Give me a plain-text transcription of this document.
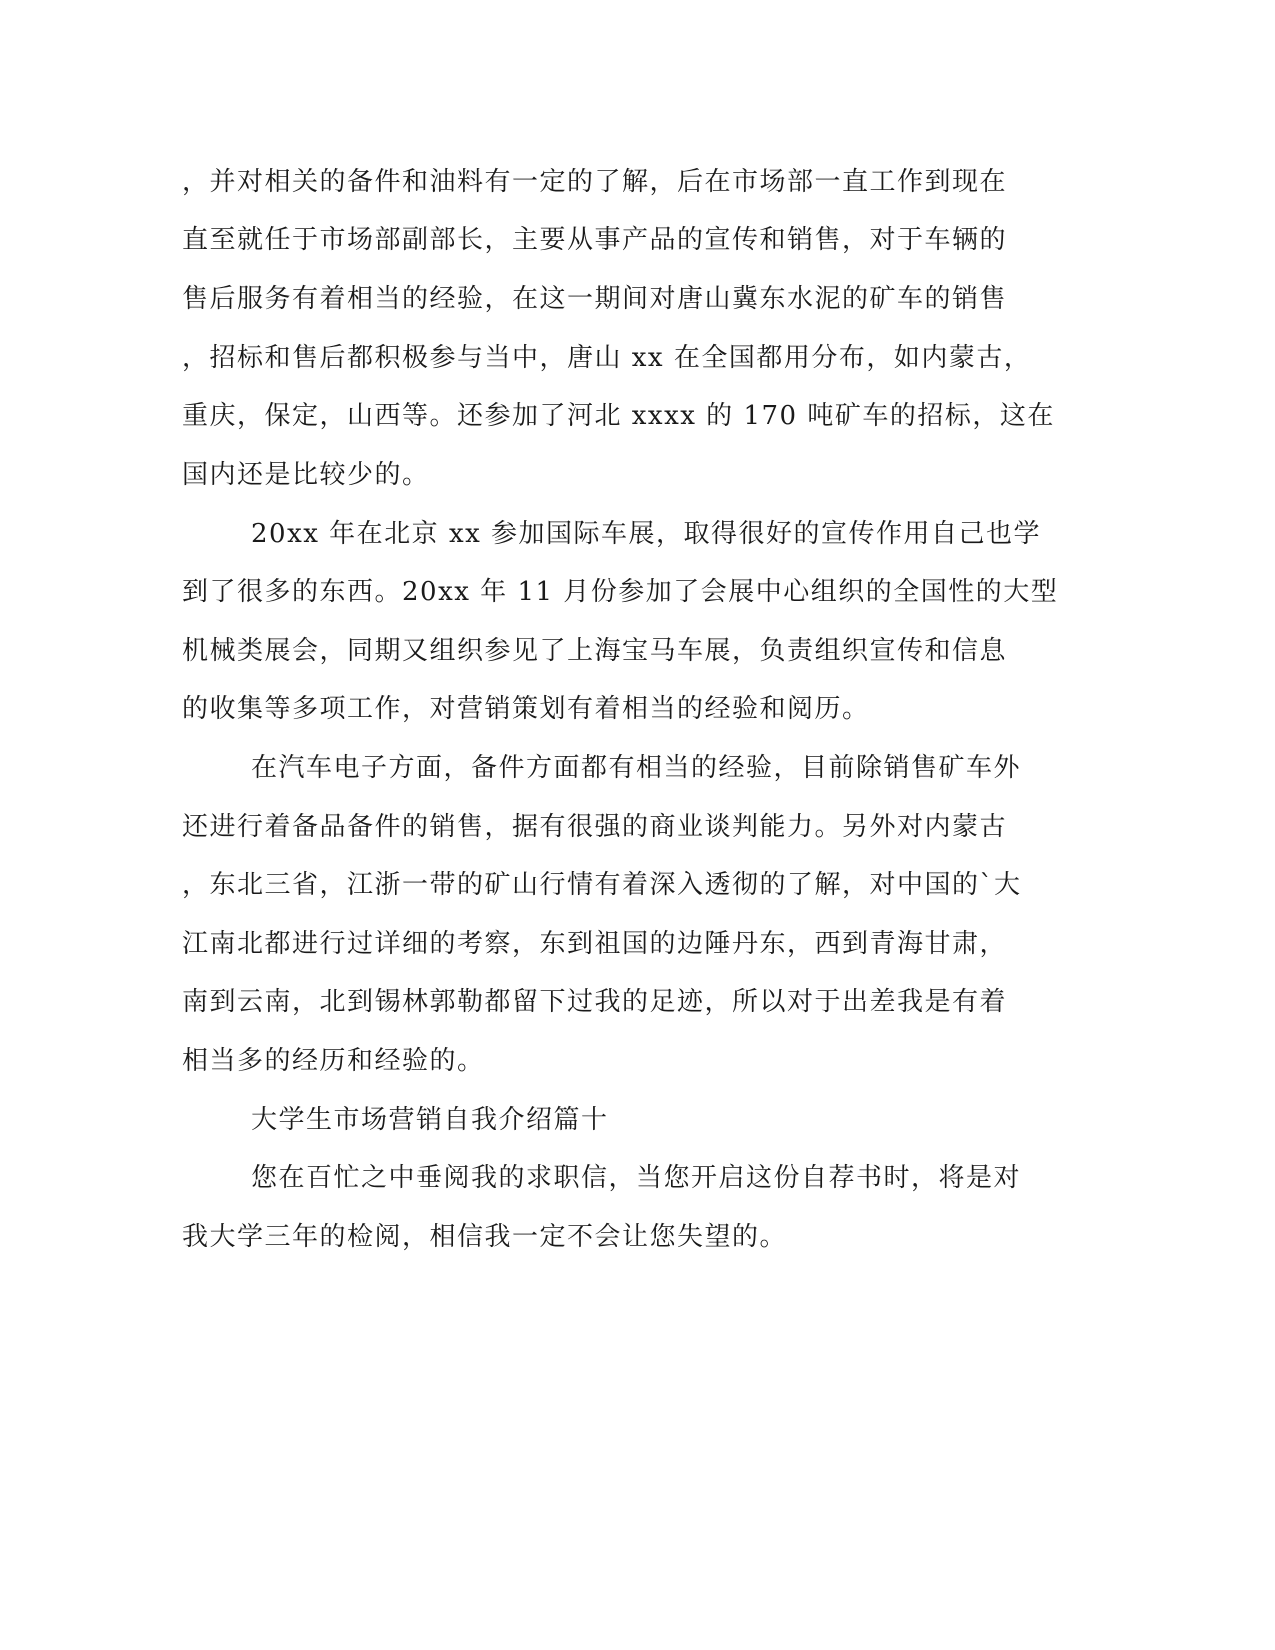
，并对相关的备件和油料有一定的了解，后在市场部一直工作到现在
直至就任于市场部副部长，主要从事产品的宣传和销售，对于车辆的
售后服务有着相当的经验，在这一期间对唐山冀东水泥的矿车的销售
，招标和售后都积极参与当中，唐山 xx 在全国都用分布，如内蒙古，
重庆，保定，山西等。还参加了河北 xxxx 的 170 吨矿车的招标，这在
国内还是比较少的。
20xx 年在北京 xx 参加国际车展，取得很好的宣传作用自己也学
到了很多的东西。20xx 年 11 月份参加了会展中心组织的全国性的大型
机械类展会，同期又组织参见了上海宝马车展，负责组织宣传和信息
的收集等多项工作，对营销策划有着相当的经验和阅历。
在汽车电子方面，备件方面都有相当的经验，目前除销售矿车外
还进行着备品备件的销售，据有很强的商业谈判能力。另外对内蒙古
，东北三省，江浙一带的矿山行情有着深入透彻的了解，对中国的`大
江南北都进行过详细的考察，东到祖国的边陲丹东，西到青海甘肃，
南到云南，北到锡林郭勒都留下过我的足迹，所以对于出差我是有着
相当多的经历和经验的。
大学生市场营销自我介绍篇十
您在百忙之中垂阅我的求职信，当您开启这份自荐书时，将是对
我大学三年的检阅，相信我一定不会让您失望的。
